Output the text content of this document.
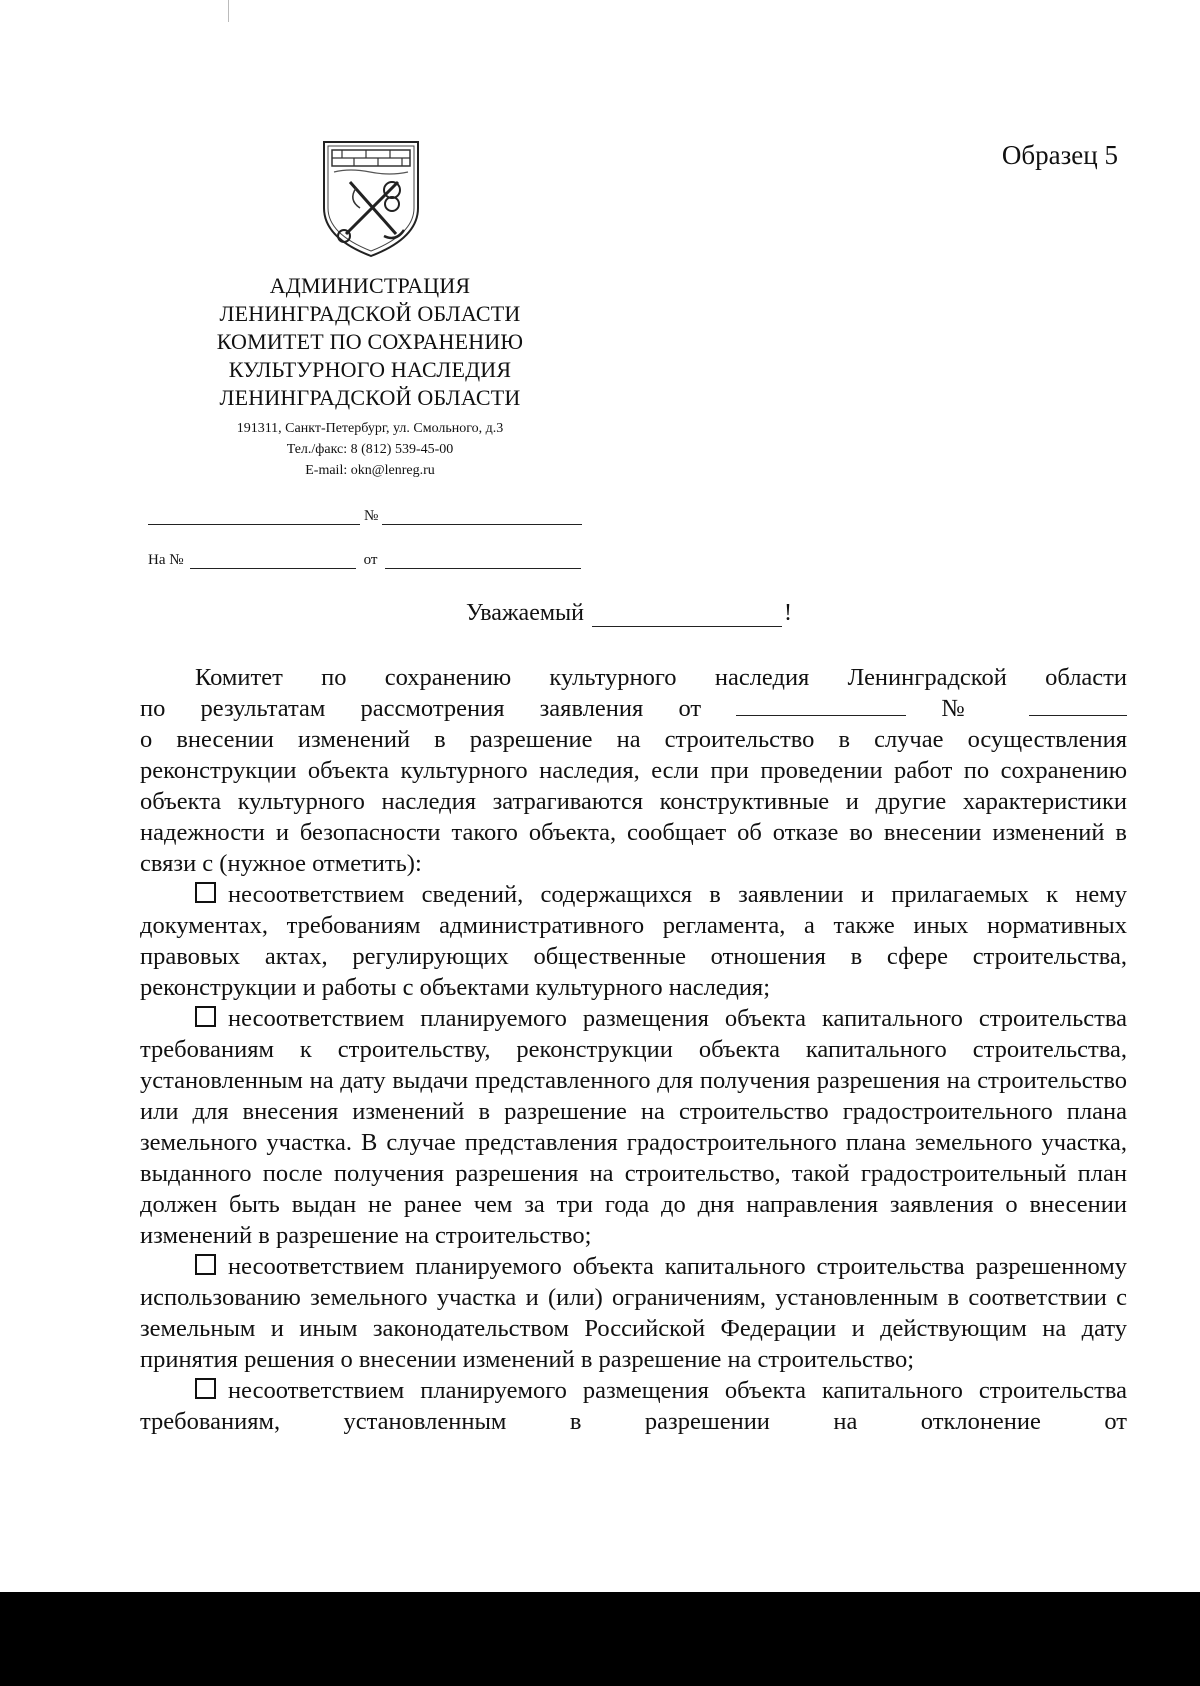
Образец 5
АДМИНИСТРАЦИЯ
ЛЕНИНГРАДСКОЙ ОБЛАСТИ
КОМИТЕТ ПО СОХРАНЕНИЮ
КУЛЬТУРНОГО НАСЛЕДИЯ
ЛЕНИНГРАДСКОЙ ОБЛАСТИ
191311, Санкт-Петербург, ул. Смольного, д.3
Тел./факс: 8 (812) 539-45-00
E-mail: okn@lenreg.ru
№
На №	от
Уважаемый	!

Комитет по сохранению культурного наследия Ленинградской области

по результатам рассмотрения заявления от	№

о внесении изменений в разрешение на строительство в случае осуществления реконструкции объекта культурного наследия, если при проведении работ по сохранению объекта культурного наследия затрагиваются конструктивные и другие характеристики надежности и безопасности такого объекта, сообщает об отказе во внесении изменений в связи с (нужное отметить):

несоответствием сведений, содержащихся в заявлении и прилагаемых к нему документах, требованиям административного регламента, а также иных нормативных правовых актах, регулирующих общественные отношения в сфере строительства, реконструкции и работы с объектами культурного наследия;

несоответствием планируемого размещения объекта капитального строительства требованиям к строительству, реконструкции объекта капитального строительства, установленным на дату выдачи представленного для получения разрешения на строительство или для внесения изменений в разрешение на строительство градостроительного плана земельного участка. В случае представления градостроительного плана земельного участка, выданного после получения разрешения на строительство, такой градостроительный план должен быть выдан не ранее чем за три года до дня направления заявления о внесении изменений в разрешение на строительство;

несоответствием планируемого объекта капитального строительства разрешенному использованию земельного участка и (или) ограничениям, установленным в соответствии с земельным и иным законодательством Российской Федерации и действующим на дату принятия решения о внесении изменений в разрешение на строительство;

несоответствием планируемого размещения объекта капитального строительства требованиям, установленным в разрешении на отклонение от
